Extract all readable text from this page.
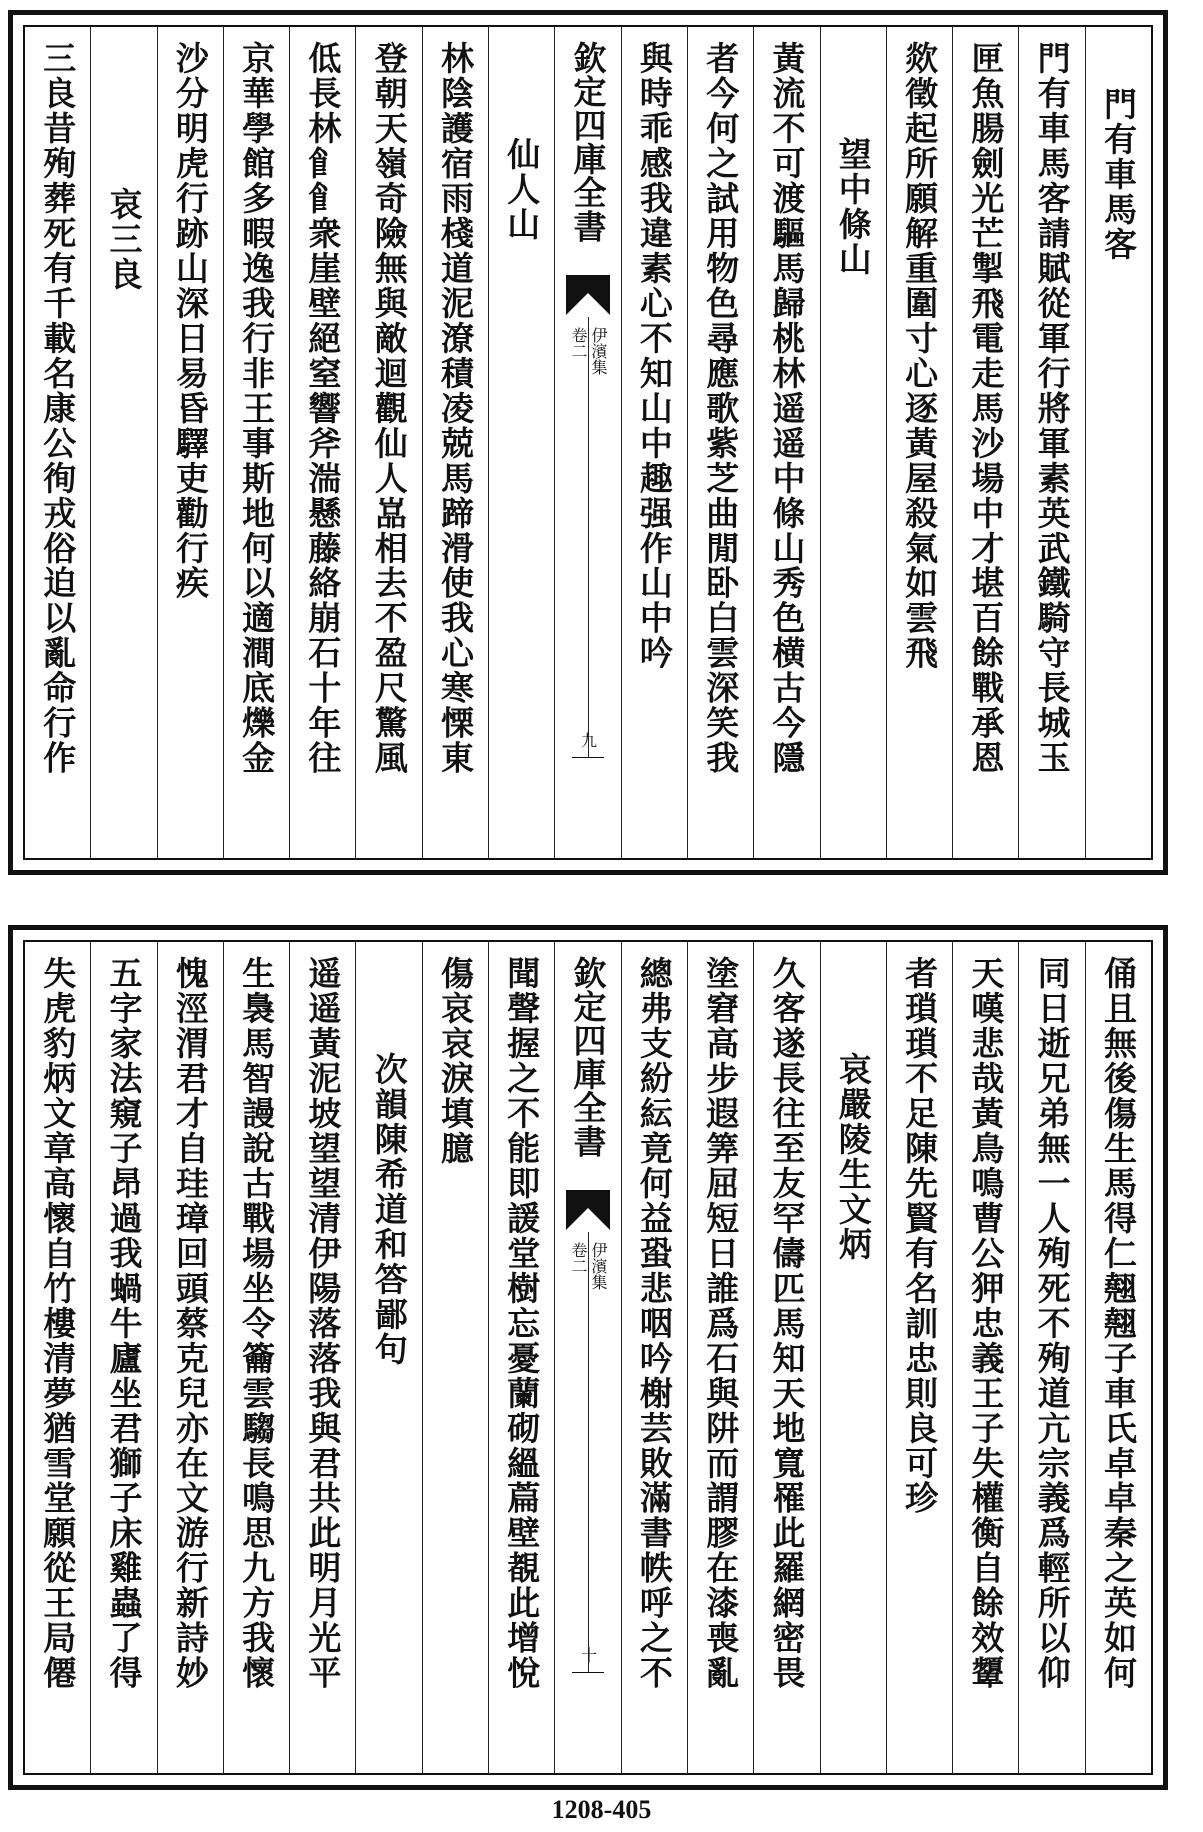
門有車馬客
門有車馬客請賦從軍行將軍素英武鐵騎守長城玉
匣魚腸劍光芒掣飛電走馬沙場中才堪百餘戰承恩
欻徵起所願解重圍寸心逐黃屋殺氣如雲飛
望中條山
黃流不可渡驅馬歸桃林遥遥中條山秀色横古今隱
者今何之試用物色尋應歌紫芝曲閒卧白雲深笑我
與時乖感我違素心不知山中趣强作山中吟
欽定四庫全書
伊濱集
卷二
九
仙人山
林陰護宿雨棧道泥潦積凌兢馬蹄滑使我心寒慄東
登朝天嶺奇險無與敵迴觀仙人嵓相去不盈尺驚風
低長林𩙿𩙿衆崖壁絕窒響斧湍懸藤絡崩石十年往
京華學館多暇逸我行非王事斯地何以適澗底爍金
沙分明虎行跡山深日易昏驛吏勸行疾
哀三良
三良昔殉葬死有千載名康公徇戎俗迫以亂命行作
俑且無後傷生馬得仁翹翹子車氏卓卓秦之英如何
同日逝兄弟無一人殉死不殉道亢宗義爲輕所以仰
天嘆悲哉黃鳥鳴曹公狎忠義王子失權衡自餘效顰
者瑣瑣不足陳先賢有名訓忠則良可珍
哀嚴陵生文炳
久客遂長往至友罕儔匹馬知天地寬罹此羅網密畏
塗窘高步遐筭屈短日誰爲石與阱而謂膠在漆喪亂
總弗支紛紜竟何益蛩悲咽吟榭芸敗滿書帙呼之不
欽定四庫全書
伊濱集
卷二
十
聞聲握之不能即諼堂樹忘憂蘭砌縕萹壁覩此增悅
傷哀哀淚填臆
次韻陳希道和答鄙句
遥遥黃泥坡望望清伊陽落落我與君共此明月光平
生裊馬智謾說古戰場坐令籥雲騶長鳴思九方我懷
愧涇渭君才自珪璋回頭蔡克兒亦在文游行新詩妙
五字家法窺子昂過我蝸牛廬坐君獅子床雞蟲了得
失虎豹炳文章高懷自竹樓清夢猶雪堂願從王局僊
1208-405
